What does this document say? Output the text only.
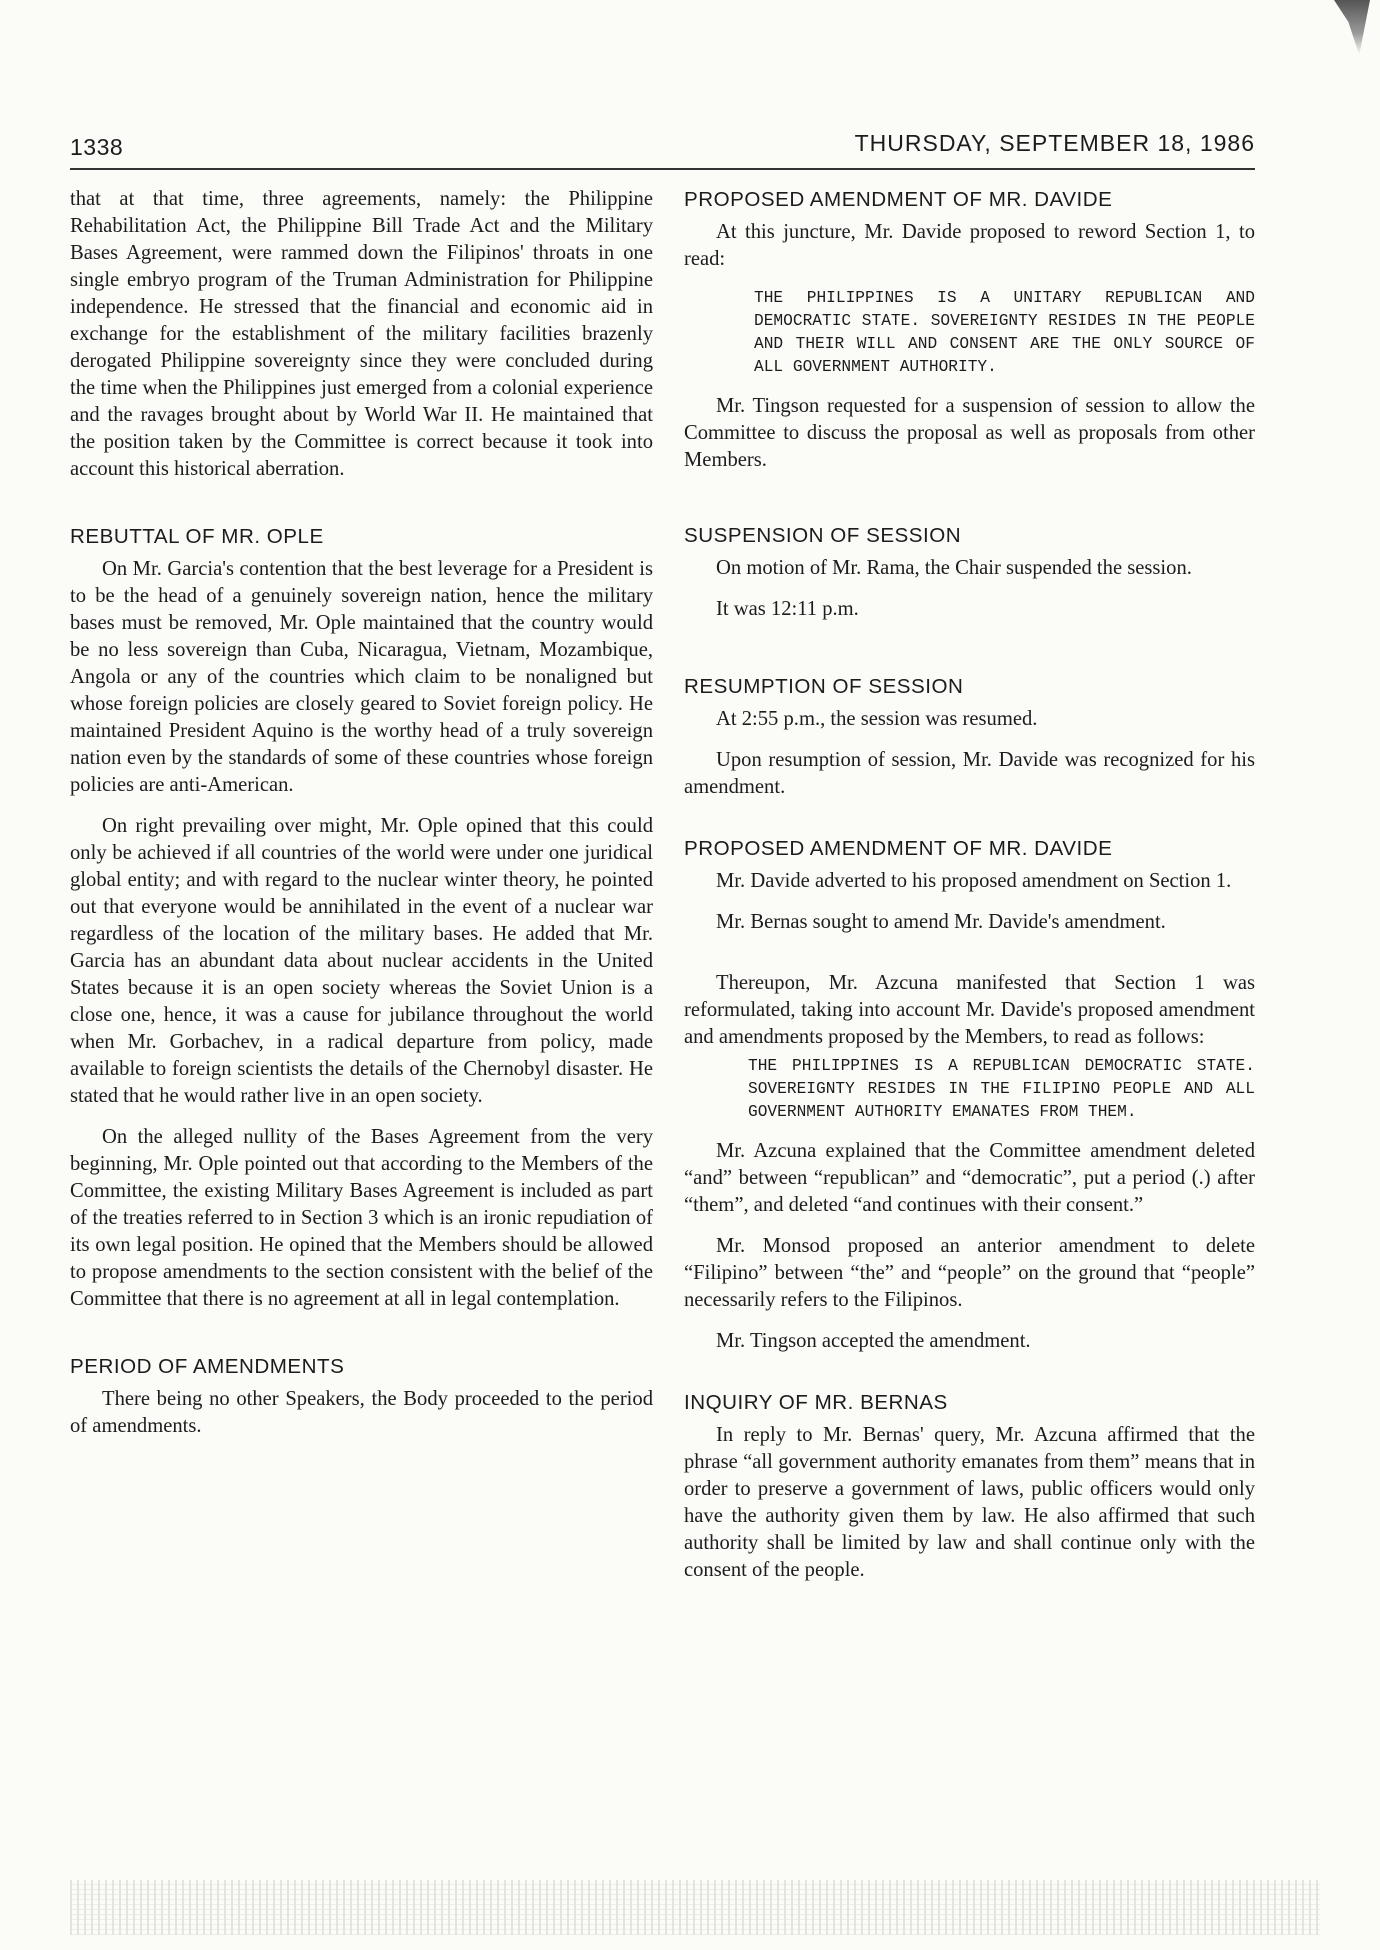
1338	THURSDAY, SEPTEMBER 18, 1986

that at that time, three agreements, namely: the Philippine Rehabilitation Act, the Philippine Bill Trade Act and the Military Bases Agreement, were rammed down the Filipinos' throats in one single embryo program of the Truman Administration for Philippine independence. He stressed that the financial and economic aid in exchange for the establishment of the military facilities brazenly derogated Philippine sovereignty since they were concluded during the time when the Philippines just emerged from a colonial experience and the ravages brought about by World War II. He maintained that the position taken by the Committee is correct because it took into account this historical aberration.

REBUTTAL OF MR. OPLE

On Mr. Garcia's contention that the best leverage for a President is to be the head of a genuinely sovereign nation, hence the military bases must be removed, Mr. Ople maintained that the country would be no less sovereign than Cuba, Nicaragua, Vietnam, Mozambique, Angola or any of the countries which claim to be nonaligned but whose foreign policies are closely geared to Soviet foreign policy. He maintained President Aquino is the worthy head of a truly sovereign nation even by the standards of some of these countries whose foreign policies are anti-American.

On right prevailing over might, Mr. Ople opined that this could only be achieved if all countries of the world were under one juridical global entity; and with regard to the nuclear winter theory, he pointed out that everyone would be annihilated in the event of a nuclear war regardless of the location of the military bases. He added that Mr. Garcia has an abundant data about nuclear accidents in the United States because it is an open society whereas the Soviet Union is a close one, hence, it was a cause for jubilance throughout the world when Mr. Gorbachev, in a radical departure from policy, made available to foreign scientists the details of the Chernobyl disaster. He stated that he would rather live in an open society.

On the alleged nullity of the Bases Agreement from the very beginning, Mr. Ople pointed out that according to the Members of the Committee, the existing Military Bases Agreement is included as part of the treaties referred to in Section 3 which is an ironic repudiation of its own legal position. He opined that the Members should be allowed to propose amendments to the section consistent with the belief of the Committee that there is no agreement at all in legal contemplation.

PERIOD OF AMENDMENTS

There being no other Speakers, the Body proceeded to the period of amendments.

PROPOSED AMENDMENT OF MR. DAVIDE

At this juncture, Mr. Davide proposed to reword Section 1, to read:

THE PHILIPPINES IS A UNITARY REPUBLICAN AND DEMOCRATIC STATE. SOVEREIGNTY RESIDES IN THE PEOPLE AND THEIR WILL AND CONSENT ARE THE ONLY SOURCE OF ALL GOVERNMENT AUTHORITY.

Mr. Tingson requested for a suspension of session to allow the Committee to discuss the proposal as well as proposals from other Members.

SUSPENSION OF SESSION

On motion of Mr. Rama, the Chair suspended the session.

It was 12:11 p.m.

RESUMPTION OF SESSION

At 2:55 p.m., the session was resumed.

Upon resumption of session, Mr. Davide was recognized for his amendment.

PROPOSED AMENDMENT OF MR. DAVIDE

Mr. Davide adverted to his proposed amendment on Section 1.

Mr. Bernas sought to amend Mr. Davide's amendment.

Thereupon, Mr. Azcuna manifested that Section 1 was reformulated, taking into account Mr. Davide's proposed amendment and amendments proposed by the Members, to read as follows:

THE PHILIPPINES IS A REPUBLICAN DEMOCRATIC STATE. SOVEREIGNTY RESIDES IN THE FILIPINO PEOPLE AND ALL GOVERNMENT AUTHORITY EMANATES FROM THEM.

Mr. Azcuna explained that the Committee amendment deleted “and” between “republican” and “democratic”, put a period (.) after “them”, and deleted “and continues with their consent.”

Mr. Monsod proposed an anterior amendment to delete “Filipino” between “the” and “people” on the ground that “people” necessarily refers to the Filipinos.

Mr. Tingson accepted the amendment.

INQUIRY OF MR. BERNAS

In reply to Mr. Bernas' query, Mr. Azcuna affirmed that the phrase “all government authority emanates from them” means that in order to preserve a government of laws, public officers would only have the authority given them by law. He also affirmed that such authority shall be limited by law and shall continue only with the consent of the people.
